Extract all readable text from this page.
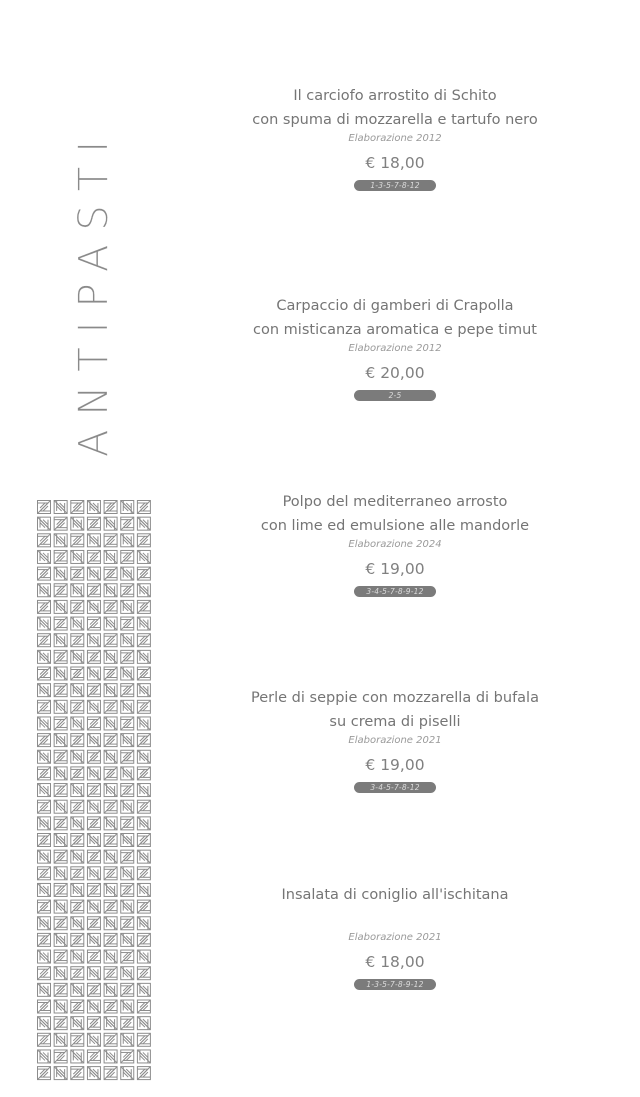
ANTIPASTI
Il carciofo arrostito di Schito
con spuma di mozzarella e tartufo nero
Elaborazione 2012
€ 18,00
1-3-5-7-8-12
Carpaccio di gamberi di Crapolla
con misticanza aromatica e pepe timut
Elaborazione 2012
€ 20,00
2-5
Polpo del mediterraneo arrosto
con lime ed emulsione alle mandorle
Elaborazione 2024
€ 19,00
3-4-5-7-8-9-12
Perle di seppie con mozzarella di bufala
su crema di piselli
Elaborazione 2021
€ 19,00
3-4-5-7-8-12
Insalata di coniglio all'ischitana
Elaborazione 2021
€ 18,00
1-3-5-7-8-9-12
